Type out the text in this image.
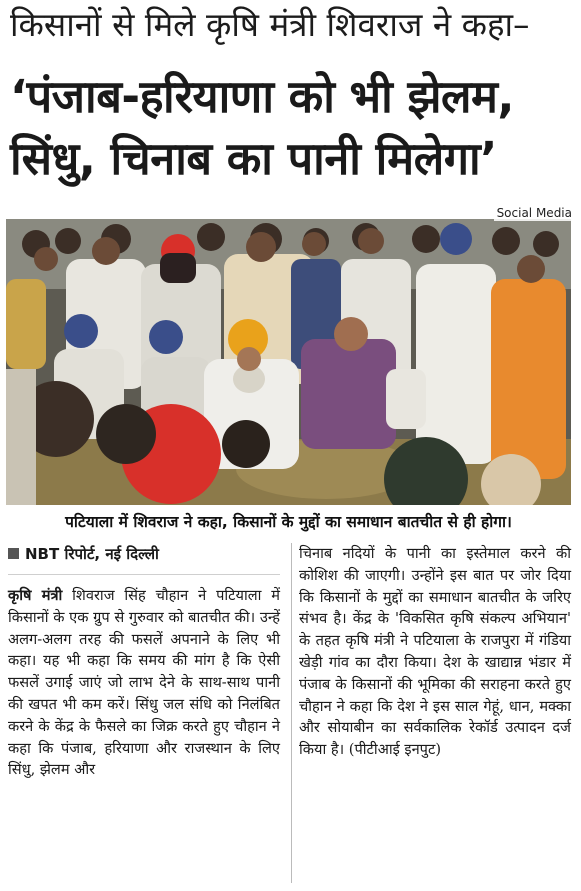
किसानों से मिले कृषि मंत्री शिवराज ने कहा–
‘पंजाब-हरियाणा को भी झेलम,
सिंधु, चिनाब का पानी मिलेगा’
Social Media
पटियाला में शिवराज ने कहा, किसानों के मुद्दों का समाधान बातचीत से ही होगा।
NBT रिपोर्ट, नई दिल्ली

कृषि मंत्री शिवराज सिंह चौहान ने पटियाला में किसानों के एक ग्रुप से गुरुवार को बातचीत की। उन्हें अलग-अलग तरह की फसलें अपनाने के लिए भी कहा। यह भी कहा कि समय की मांग है कि ऐसी फसलें उगाई जाएं जो लाभ देने के साथ-साथ पानी की खपत भी कम करें। सिंधु जल संधि को निलंबित करने के केंद्र के फैसले का जिक्र करते हुए चौहान ने कहा कि पंजाब, हरियाणा और राजस्थान के लिए सिंधु, झेलम और

चिनाब नदियों के पानी का इस्तेमाल करने की कोशिश की जाएगी। उन्होंने इस बात पर जोर दिया कि किसानों के मुद्दों का समाधान बातचीत के जरिए संभव है। केंद्र के 'विकसित कृषि संकल्प अभियान' के तहत कृषि मंत्री ने पटियाला के राजपुरा में गंडिया खेड़ी गांव का दौरा किया। देश के खाद्यान्न भंडार में पंजाब के किसानों की भूमिका की सराहना करते हुए चौहान ने कहा कि देश ने इस साल गेहूं, धान, मक्का और सोयाबीन का सर्वकालिक रेकॉर्ड उत्पादन दर्ज किया है। (पीटीआई इनपुट)
